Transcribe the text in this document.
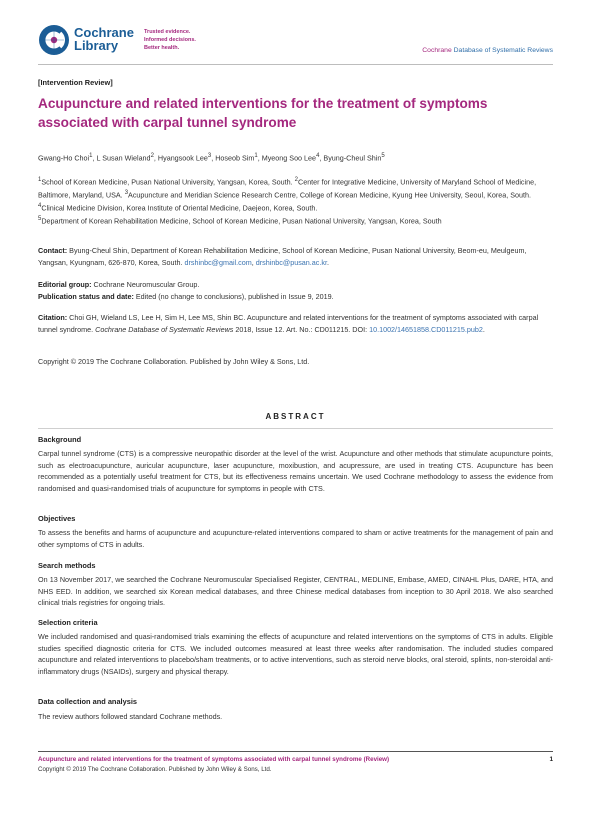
Cochrane
Library
Trusted evidence.
Informed decisions.
Better health.	Cochrane Database of Systematic Reviews
[Intervention Review]
Acupuncture and related interventions for the treatment of symptoms associated with carpal tunnel syndrome
Gwang-Ho Choi$^1$, L Susan Wieland$^2$, Hyangsook Lee$^3$, Hoseob Sim$^1$, Myeong Soo Lee$^4$, Byung-Cheul Shin$^5$

$^1$School of Korean Medicine, Pusan National University, Yangsan, Korea, South. $^2$Center for Integrative Medicine, University of Maryland School of Medicine, Baltimore, Maryland, USA. $^3$Acupuncture and Meridian Science Research Centre, College of Korean Medicine, Kyung Hee University, Seoul, Korea, South. $^4$Clinical Medicine Division, Korea Institute of Oriental Medicine, Daejeon, Korea, South.

$^5$Department of Korean Rehabilitation Medicine, School of Korean Medicine, Pusan National University, Yangsan, Korea, South

Contact: Byung-Cheul Shin, Department of Korean Rehabilitation Medicine, School of Korean Medicine, Pusan National University, Beom-eu, Meulgeum, Yangsan, Kyungnam, 626-870, Korea, South. drshinbc@gmail.com, drshinbc@pusan.ac.kr.
Editorial group: Cochrane Neuromuscular Group.
Publication status and date: Edited (no change to conclusions), published in Issue 9, 2019.
Citation: Choi GH, Wieland LS, Lee H, Sim H, Lee MS, Shin BC. Acupuncture and related interventions for the treatment of symptoms associated with carpal tunnel syndrome. Cochrane Database of Systematic Reviews 2018, Issue 12. Art. No.: CD011215. DOI: 10.1002/14651858.CD011215.pub2.
Copyright © 2019 The Cochrane Collaboration. Published by John Wiley & Sons, Ltd.
ABSTRACT
Background
Carpal tunnel syndrome (CTS) is a compressive neuropathic disorder at the level of the wrist. Acupuncture and other methods that stimulate acupuncture points, such as electroacupuncture, auricular acupuncture, laser acupuncture, moxibustion, and acupressure, are used in treating CTS. Acupuncture has been recommended as a potentially useful treatment for CTS, but its effectiveness remains uncertain. We used Cochrane methodology to assess the evidence from randomised and quasi-randomised trials of acupuncture for symptoms in people with CTS.
Objectives
To assess the benefits and harms of acupuncture and acupuncture-related interventions compared to sham or active treatments for the management of pain and other symptoms of CTS in adults.
Search methods
On 13 November 2017, we searched the Cochrane Neuromuscular Specialised Register, CENTRAL, MEDLINE, Embase, AMED, CINAHL Plus, DARE, HTA, and NHS EED. In addition, we searched six Korean medical databases, and three Chinese medical databases from inception to 30 April 2018. We also searched clinical trials registries for ongoing trials.
Selection criteria
We included randomised and quasi-randomised trials examining the effects of acupuncture and related interventions on the symptoms of CTS in adults. Eligible studies specified diagnostic criteria for CTS. We included outcomes measured at least three weeks after randomisation. The included studies compared acupuncture and related interventions to placebo/sham treatments, or to active interventions, such as steroid nerve blocks, oral steroid, splints, non-steroidal anti-inflammatory drugs (NSAIDs), surgery and physical therapy.
Data collection and analysis
The review authors followed standard Cochrane methods.
Acupuncture and related interventions for the treatment of symptoms associated with carpal tunnel syndrome (Review)
Copyright © 2019 The Cochrane Collaboration. Published by John Wiley & Sons, Ltd.
1
